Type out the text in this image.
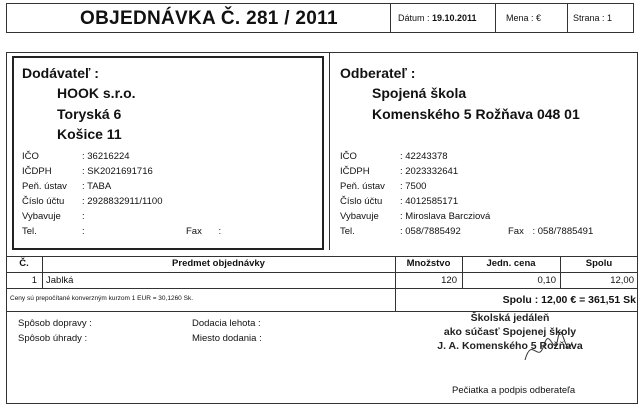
OBJEDNÁVKA Č. 281 / 2011	Dátum : 19.10.2011	Mena : €	Strana : 1
Dodávateľ :
HOOK s.r.o.
Toryská 6
Košice 11
IČO	: 36216224
IČDPH	: SK2021691716
Peň. ústav : TABA
Číslo účtu : 2928832911/1100
Vybavuje :
Tel.	:	Fax :
Odberateľ :
Spojená škola
Komenského 5 Rožňava 048 01
IČO	: 42243378
IČDPH	: 2023332641
Peň. ústav : 7500
Číslo účtu : 4012585171
Vybavuje : Miroslava Barcziová
Tel.	: 058/7885492	Fax : 058/7885491
Č.	Predmet objednávky	Množstvo	Jedn. cena	Spolu
1 Jablká	120	0,10	12,00
Ceny sú prepočítané konverzným kurzom 1 EUR = 30,1260 Sk.	Spolu : 12,00 € = 361,51 Sk
Spôsob dopravy :
Spôsob úhrady :
Dodacia lehota :
Miesto dodania :
Školská jedáleň
ako súčasť Spojenej školy
J. A. Komenského 5 Rožňava
Pečiatka a podpis odberateľa
